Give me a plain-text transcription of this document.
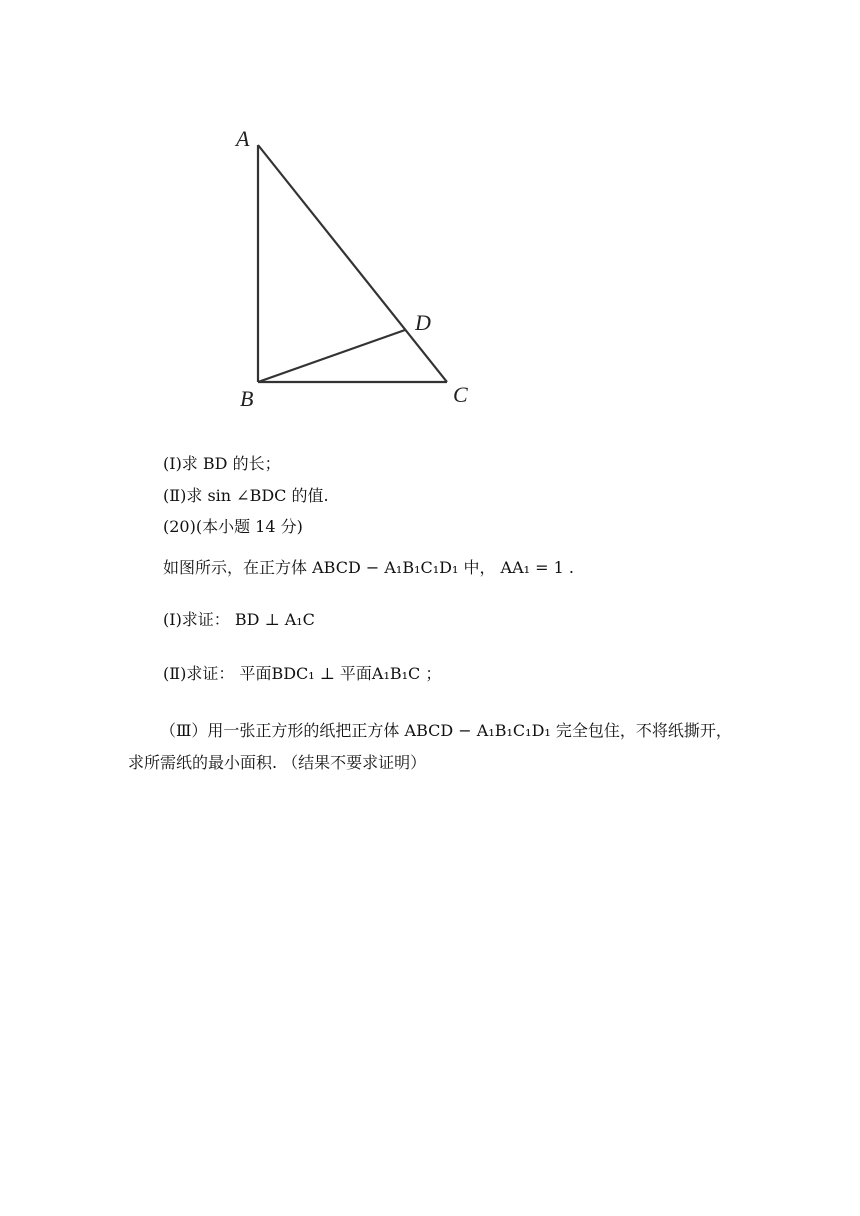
A
B	C
D
(Ⅰ)求 BD 的长；
(Ⅱ)求 sin ∠BDC 的值.
(20)(本小题 14 分)
如图所示，在正方体 ABCD − A₁B₁C₁D₁ 中， AA₁ = 1 .
(Ⅰ)求证： BD ⊥ A₁C
(Ⅱ)求证： 平面BDC₁ ⊥ 平面A₁B₁C ；
（Ⅲ）用一张正方形的纸把正方体 ABCD − A₁B₁C₁D₁ 完全包住，不将纸撕开，
求所需纸的最小面积. （结果不要求证明）
